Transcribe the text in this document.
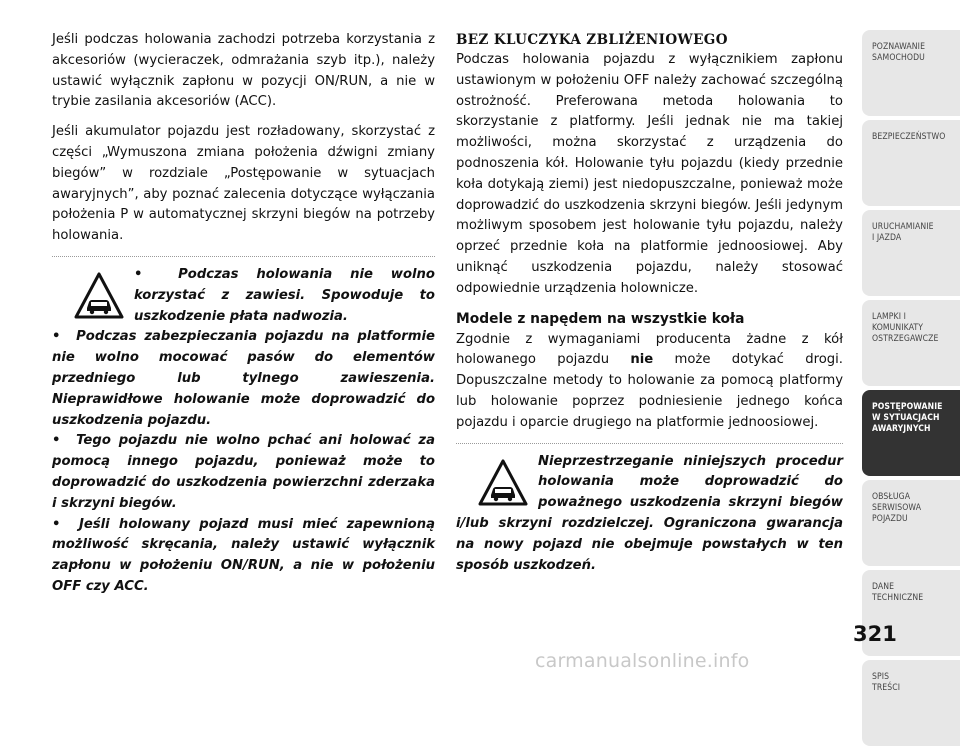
Jeśli podczas holowania zachodzi potrzeba korzystania z akcesoriów (wycieraczek, odmrażania szyb itp.), należy ustawić wyłącznik zapłonu w pozycji ON/RUN, a nie w trybie zasilania akcesoriów (ACC).

Jeśli akumulator pojazdu jest rozładowany, skorzystać z części „Wymuszona zmiana położenia dźwigni zmiany biegów” w rozdziale „Postępowanie w sytuacjach awaryjnych”, aby poznać zalecenia dotyczące wyłączania położenia P w automatycznej skrzyni biegów na potrzeby holowania.

•  Podczas holowania nie wolno korzystać z zawiesi. Spowoduje to uszkodzenie płata nadwozia.
•  Podczas zabezpieczania pojazdu na platformie nie wolno mocować pasów do elementów przedniego lub tylnego zawieszenia. Nieprawidłowe holowanie może doprowadzić do uszkodzenia pojazdu.
•  Tego pojazdu nie wolno pchać ani holować za pomocą innego pojazdu, ponieważ może to doprowadzić do uszkodzenia powierzchni zderzaka i skrzyni biegów.
•  Jeśli holowany pojazd musi mieć zapewnioną możliwość skręcania, należy ustawić wyłącznik zapłonu w położeniu ON/RUN, a nie w położeniu OFF czy ACC.
BEZ KLUCZYKA ZBLIŻENIOWEGO

Podczas holowania pojazdu z wyłącznikiem zapłonu ustawionym w położeniu OFF należy zachować szczególną ostrożność. Preferowana metoda holowania to skorzystanie z platformy. Jeśli jednak nie ma takiej możliwości, można skorzystać z urządzenia do podnoszenia kół. Holowanie tyłu pojazdu (kiedy przednie koła dotykają ziemi) jest niedopuszczalne, ponieważ może doprowadzić do uszkodzenia skrzyni biegów. Jeśli jedynym możliwym sposobem jest holowanie tyłu pojazdu, należy oprzeć przednie koła na platformie jednoosiowej. Aby uniknąć uszkodzenia pojazdu, należy stosować odpowiednie urządzenia holownicze.

Modele z napędem na wszystkie koła

Zgodnie z wymaganiami producenta żadne z kół holowanego pojazdu nie może dotykać drogi. Dopuszczalne metody to holowanie za pomocą platformy lub holowanie poprzez podniesienie jednego końca pojazdu i oparcie drugiego na platformie jednoosiowej.

Nieprzestrzeganie niniejszych procedur holowania może doprowadzić do poważnego uszkodzenia skrzyni biegów i/lub skrzyni rozdzielczej. Ograniczona gwarancja na nowy pojazd nie obejmuje powstałych w ten sposób uszkodzeń.

POZNAWANIE
SAMOCHODU
BEZPIECZEŃSTWO
URUCHAMIANIE
I JAZDA
LAMPKI I
KOMUNIKATY
OSTRZEGAWCZE
POSTĘPOWANIE
W SYTUACJACH
AWARYJNYCH
OBSŁUGA
SERWISOWA
POJAZDU
DANE
TECHNICZNE
SPIS
TREŚCI
321
carmanualsonline.info
